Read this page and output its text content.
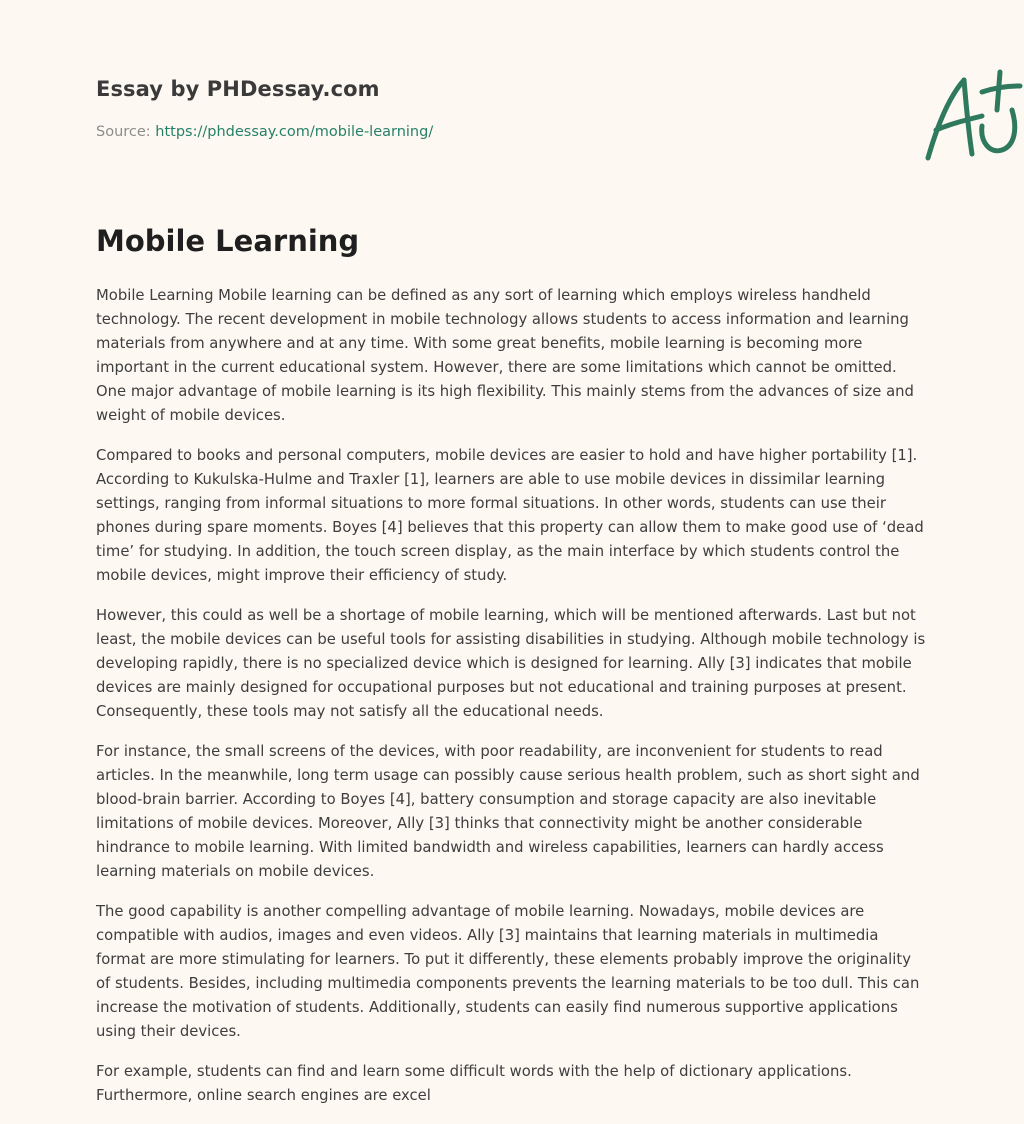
Essay by PHDessay.com
Source: https://phdessay.com/mobile-learning/
Mobile Learning

Mobile Learning Mobile learning can be defined as any sort of learning which employs wireless handheld technology. The recent development in mobile technology allows students to access information and learning materials from anywhere and at any time. With some great benefits, mobile learning is becoming more important in the current educational system. However, there are some limitations which cannot be omitted. One major advantage of mobile learning is its high flexibility. This mainly stems from the advances of size and weight of mobile devices.

Compared to books and personal computers, mobile devices are easier to hold and have higher portability [1]. According to Kukulska-Hulme and Traxler [1], learners are able to use mobile devices in dissimilar learning settings, ranging from informal situations to more formal situations. In other words, students can use their phones during spare moments. Boyes [4] believes that this property can allow them to make good use of ‘dead time’ for studying. In addition, the touch screen display, as the main interface by which students control the mobile devices, might improve their efficiency of study.

However, this could as well be a shortage of mobile learning, which will be mentioned afterwards. Last but not least, the mobile devices can be useful tools for assisting disabilities in studying. Although mobile technology is developing rapidly, there is no specialized device which is designed for learning. Ally [3] indicates that mobile devices are mainly designed for occupational purposes but not educational and training purposes at present. Consequently, these tools may not satisfy all the educational needs.

For instance, the small screens of the devices, with poor readability, are inconvenient for students to read articles. In the meanwhile, long term usage can possibly cause serious health problem, such as short sight and blood-brain barrier. According to Boyes [4], battery consumption and storage capacity are also inevitable limitations of mobile devices. Moreover, Ally [3] thinks that connectivity might be another considerable hindrance to mobile learning. With limited bandwidth and wireless capabilities, learners can hardly access learning materials on mobile devices.

The good capability is another compelling advantage of mobile learning. Nowadays, mobile devices are compatible with audios, images and even videos. Ally [3] maintains that learning materials in multimedia format are more stimulating for learners. To put it differently, these elements probably improve the originality of students. Besides, including multimedia components prevents the learning materials to be too dull. This can increase the motivation of students. Additionally, students can easily find numerous supportive applications using their devices.

For example, students can find and learn some difficult words with the help of dictionary applications. Furthermore, online search engines are excel
